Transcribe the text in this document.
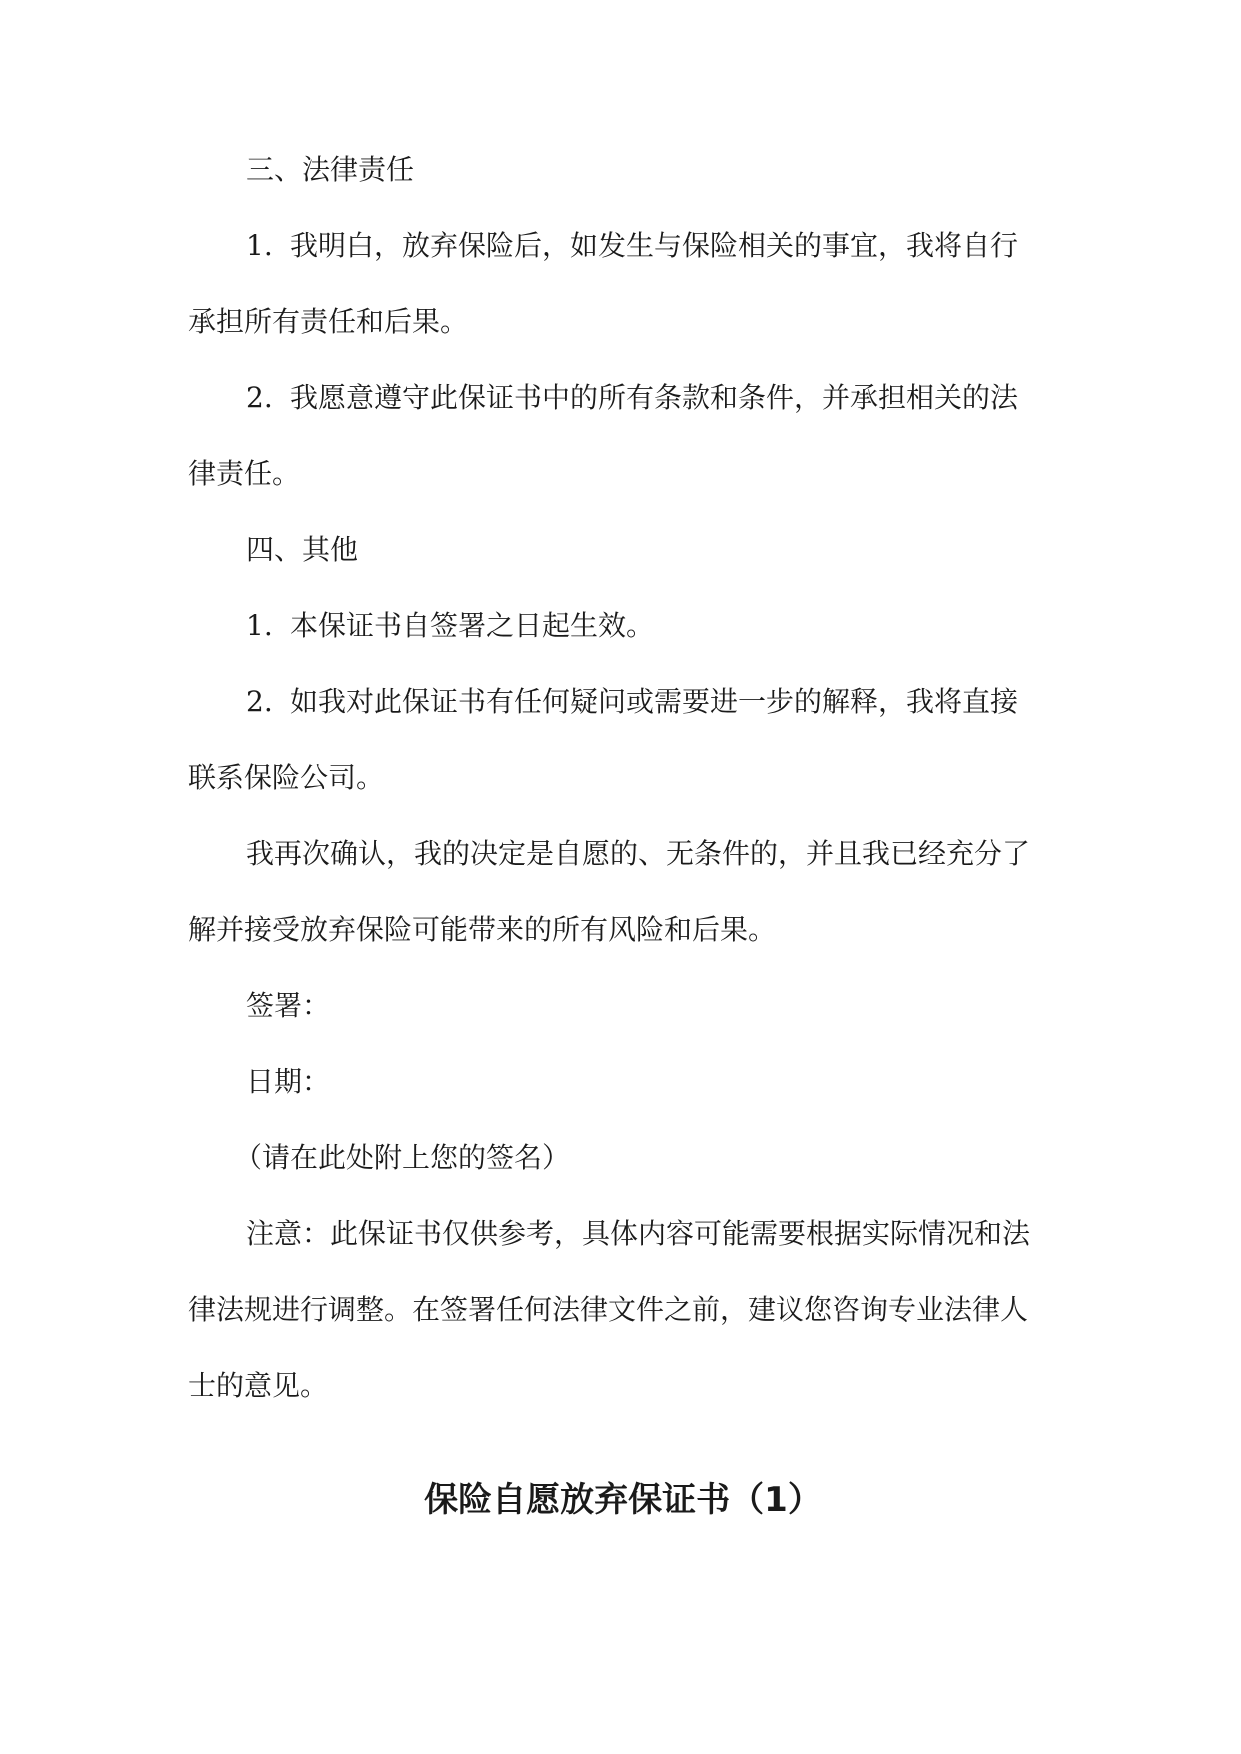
三、法律责任
1. 我明白，放弃保险后，如发生与保险相关的事宜，我将自行
承担所有责任和后果。
2. 我愿意遵守此保证书中的所有条款和条件，并承担相关的法
律责任。
四、其他
1. 本保证书自签署之日起生效。
2. 如我对此保证书有任何疑问或需要进一步的解释，我将直接
联系保险公司。
我再次确认，我的决定是自愿的、无条件的，并且我已经充分了
解并接受放弃保险可能带来的所有风险和后果。
签署：
日期：
（请在此处附上您的签名）
注意：此保证书仅供参考，具体内容可能需要根据实际情况和法
律法规进行调整。在签署任何法律文件之前，建议您咨询专业法律人
士的意见。
保险自愿放弃保证书（1）
